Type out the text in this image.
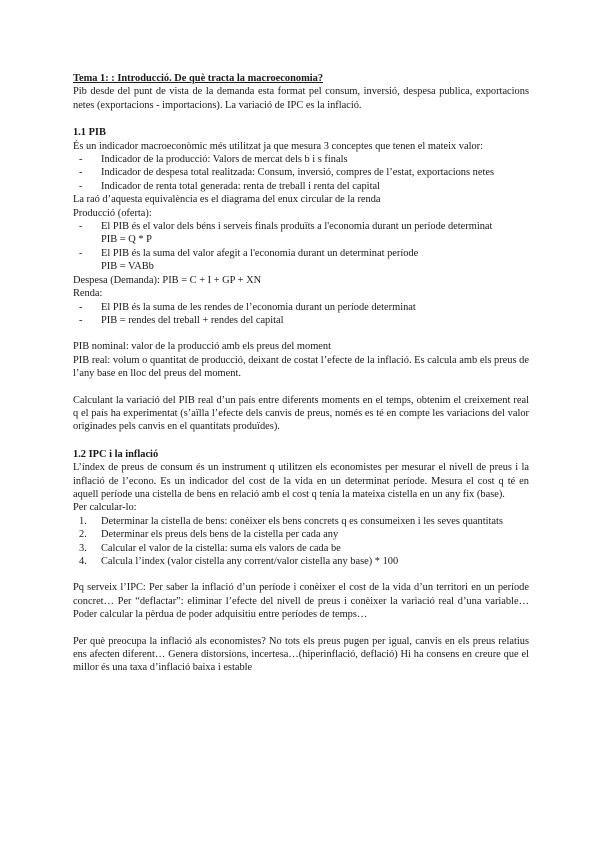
Tema 1: : Introducció. De què tracta la macroeconomia?

Pib desde del punt de vista de la demanda esta format pel consum, inversió, despesa publica, exportacions netes (exportacions - importacions). La variació de IPC es la inflació.

1.1 PIB

És un indicador macroeconòmic més utilitzat ja que mesura 3 conceptes que tenen el mateix valor:

- Indicador de la producció: Valors de mercat dels b i s finals
- Indicador de despesa total realitzada: Consum, inversió, compres de l’estat, exportacions netes
- Indicador de renta total generada: renta de treball i renta del capital

La raó d’aquesta equivalència es el diagrama del enux circular de la renda

Producció (oferta):

- El PIB és el valor dels béns i serveis finals produïts a l'economia durant un període determinat
PIB = Q * P
- El PIB és la suma del valor afegit a l'economia durant un determinat període
PIB = VABb

Despesa (Demanda): PIB = C + I + GP + XN

Renda:

- El PIB és la suma de les rendes de l’economia durant un període determinat
- PIB = rendes del treball + rendes del capital

PIB nominal: valor de la producció amb els preus del moment

PIB real: volum o quantitat de producció, deixant de costat l’efecte de la inflació. Es calcula amb els preus de l’any base en lloc del preus del moment.

Calculant la variació del PIB real d’un país entre diferents moments en el temps, obtenim el creixement real q el país ha experimentat (s’aïlla l’efecte dels canvis de preus, només es té en compte les variacions del valor originades pels canvis en el quantitats produïdes).

1.2 IPC i la inflació

L’índex de preus de consum és un instrument q utilitzen els economistes per mesurar el nivell de preus i la inflació de l’econo. Es un indicador del cost de la vida en un determinat període. Mesura el cost q té en aquell període una cistella de bens en relació amb el cost q tenia la mateixa cistella en un any fix (base).

Per calcular-lo:

1. Determinar la cistella de bens: conèixer els bens concrets q es consumeixen i les seves quantitats
2. Determinar els preus dels bens de la cistella per cada any
3. Calcular el valor de la cistella: suma els valors de cada be
4. Calcula l’index (valor cistella any corrent/valor cistella any base) * 100

Pq serveix l’IPC: Per saber la inflació d’un període i conèixer el cost de la vida d’un territori en un període concret… Per “deflactar”: eliminar l’efecte del nivell de preus i conèixer la variació real d’una variable… Poder calcular la pèrdua de poder adquisitiu entre períodes de temps…

Per què preocupa la inflació als economistes? No tots els preus pugen per igual, canvis en els preus relatius ens afecten diferent… Genera distorsions, incertesa…(hiperinflació, deflació) Hi ha consens en creure que el millor és una taxa d’inflació baixa i estable
